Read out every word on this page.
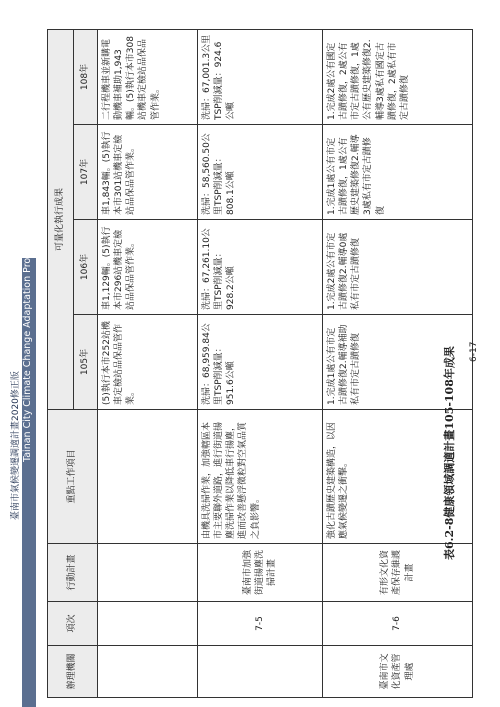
臺南市氣候變遷調適計畫2020修正版 Tainan City Climate Change Adaptation Project 2020
辦理機關	項次	行動計畫	重點工作項目	可量化執行成果			
				105年	106年	107年	108年
				(5)執行本市252站機車定檢站品保品管作業。	車1,129輛。(5)執行本市296站機車定檢站品保品管作業。	車1,843輛。(5)執行本市301站機車定檢站品保品管作業。	二行程機車並新購電動機車補助1,943輛。(5)執行本市308站機車定檢站品保品管作業。
	7-5	臺南市加強街道揚塵洗掃計畫	由機具洗掃作業，加強轄區本市主要聯外道路，進行街道揚塵洗掃作業以降低車行揚塵，進而改善懸浮微粒對空氣品質之負影響。	洗掃：68,959.84公里TSP削減量：951.6公噸	洗掃：67,261.10公里TSP削減量：928.2公噸	洗掃：58,560.50公里TSP削減量：808.1公噸	洗掃：67,001.3公里TSP削減量：924.6公噸
臺南市文化資產管理處	7-6	有形文化資產保存維護計畫	強化古蹟歷史建築構造，以因應氣候變遷之衝擊。	1.完成1處公有市定古蹟修復2.輔導補助私有市定古蹟修復	1.完成2處公有市定古蹟修復2.輔導0處私有市定古蹟修復	1.完成1處公有市定古蹟修復，1處公有歷史建築修復2.輔導3處私有市定古蹟修復	1.完成2處公有國定古蹟修復，2處公有市定古蹟修復，1處公有歷史建築修復2.輔導3處私有國定古蹟修復，2處私有市定古蹟修復
表6.2-8健康領域調適計畫105-108年成果 6-17
